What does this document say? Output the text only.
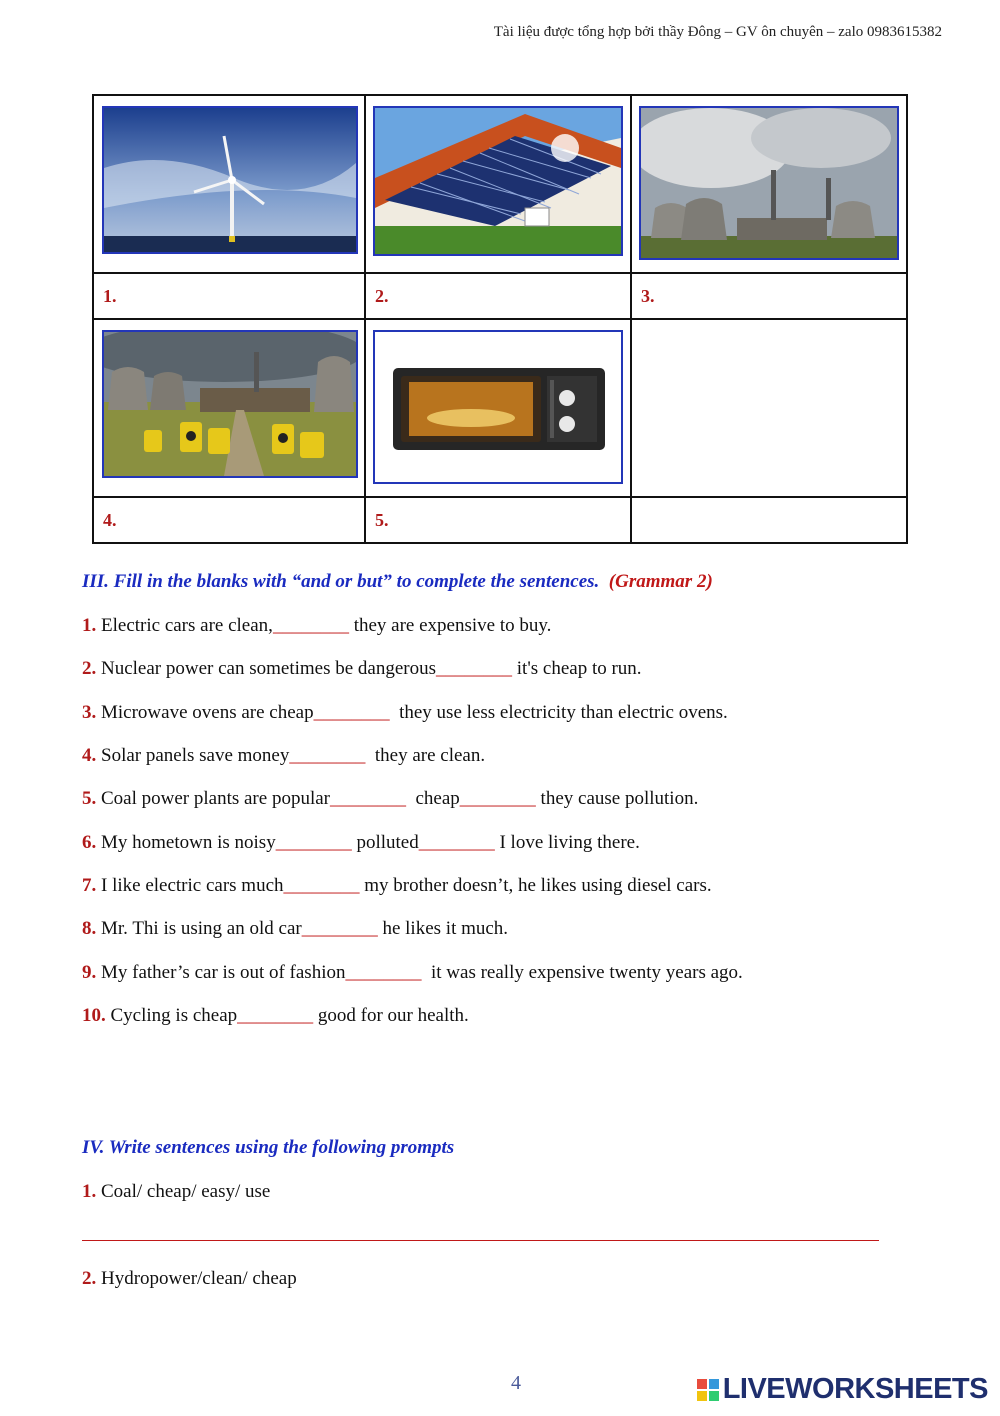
Tài liệu được tổng hợp bởi thầy Đông – GV ôn chuyên – zalo 0983615382

1.	2.	3.

4.	5.	
III. Fill in the blanks with “and or but” to complete the sentences. (Grammar 2)
1. Electric cars are clean,________ they are expensive to buy.
2. Nuclear power can sometimes be dangerous________ it's cheap to run.
3. Microwave ovens are cheap________  they use less electricity than electric ovens.
4. Solar panels save money________  they are clean.
5. Coal power plants are popular________  cheap________ they cause pollution.
6. My hometown is noisy________ polluted________ I love living there.
7. I like electric cars much________ my brother doesn’t, he likes using diesel cars.
8. Mr. Thi is using an old car________ he likes it much.
9. My father’s car is out of fashion________  it was really expensive twenty years ago.
10. Cycling is cheap________ good for our health.
IV. Write sentences using the following prompts
1. Coal/ cheap/ easy/ use
2. Hydropower/clean/ cheap
4	LIVEWORKSHEETS
